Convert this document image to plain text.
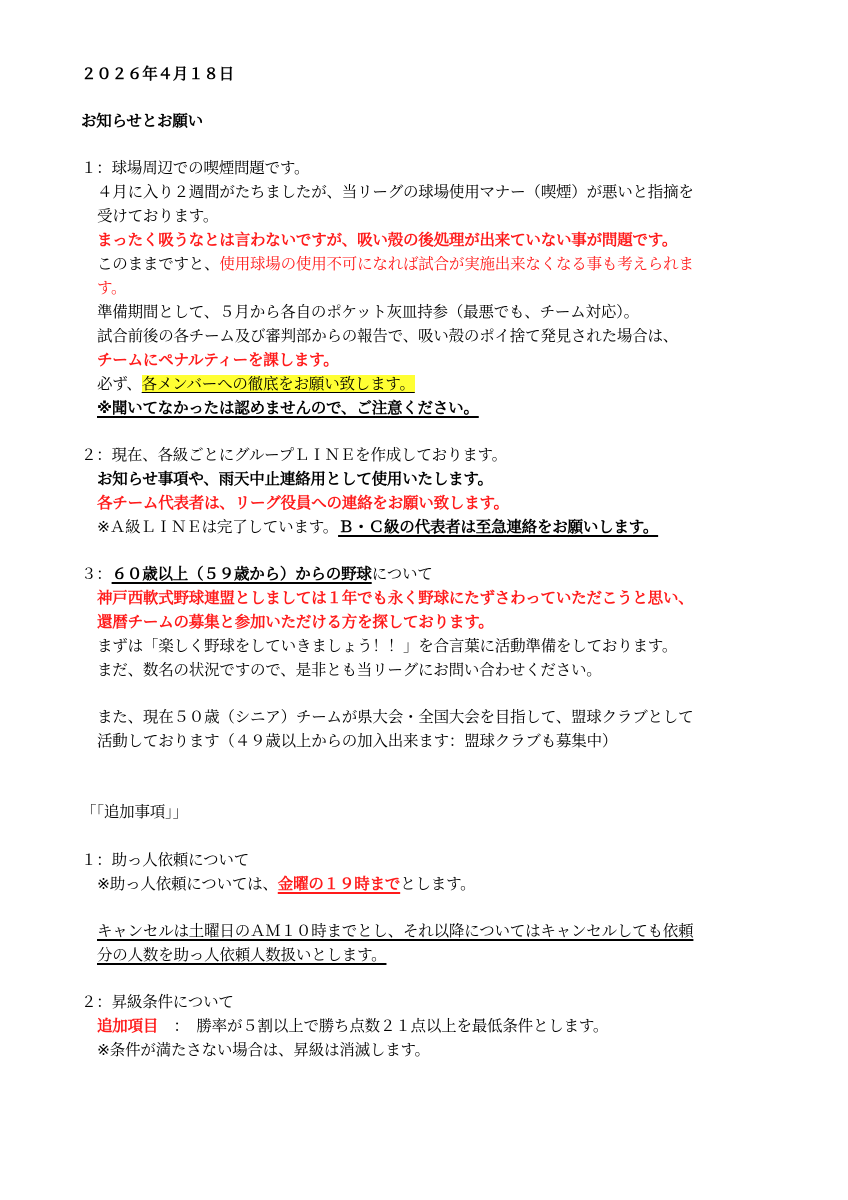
２０２６年４月１８日
お知らせとお願い
１：球場周辺での喫煙問題です。
４月に入り２週間がたちましたが、当リーグの球場使用マナー（喫煙）が悪いと指摘を
受けております。
まったく吸うなとは言わないですが、吸い殻の後処理が出来ていない事が問題です。
このままですと、使用球場の使用不可になれば試合が実施出来なくなる事も考えられま
す。
準備期間として、５月から各自のポケット灰皿持参（最悪でも、チーム対応）。
試合前後の各チーム及び審判部からの報告で、吸い殻のポイ捨て発見された場合は、
チームにペナルティーを課します。
必ず、各メンバーへの徹底をお願い致します。
※聞いてなかったは認めませんので、ご注意ください。
２：現在、各級ごとにグループＬＩＮＥを作成しております。
お知らせ事項や、雨天中止連絡用として使用いたします。
各チーム代表者は、リーグ役員への連絡をお願い致します。
※Ａ級ＬＩＮＥは完了しています。Ｂ・Ｃ級の代表者は至急連絡をお願いします。
３：６０歳以上（５９歳から）からの野球について
神戸西軟式野球連盟としましては１年でも永く野球にたずさわっていただこうと思い、
還暦チームの募集と参加いただける方を探しております。
まずは「楽しく野球をしていきましょう！！」を合言葉に活動準備をしております。
まだ、数名の状況ですので、是非とも当リーグにお問い合わせください。
また、現在５０歳（シニア）チームが県大会・全国大会を目指して、盟球クラブとして
活動しております（４９歳以上からの加入出来ます：盟球クラブも募集中）
「「追加事項」」
１：助っ人依頼について
※助っ人依頼については、金曜の１９時までとします。
キャンセルは土曜日のＡＭ１０時までとし、それ以降についてはキャンセルしても依頼
分の人数を助っ人依頼人数扱いとします。
２：昇級条件について
追加項目　：　勝率が５割以上で勝ち点数２１点以上を最低条件とします。
※条件が満たさない場合は、昇級は消滅します。
